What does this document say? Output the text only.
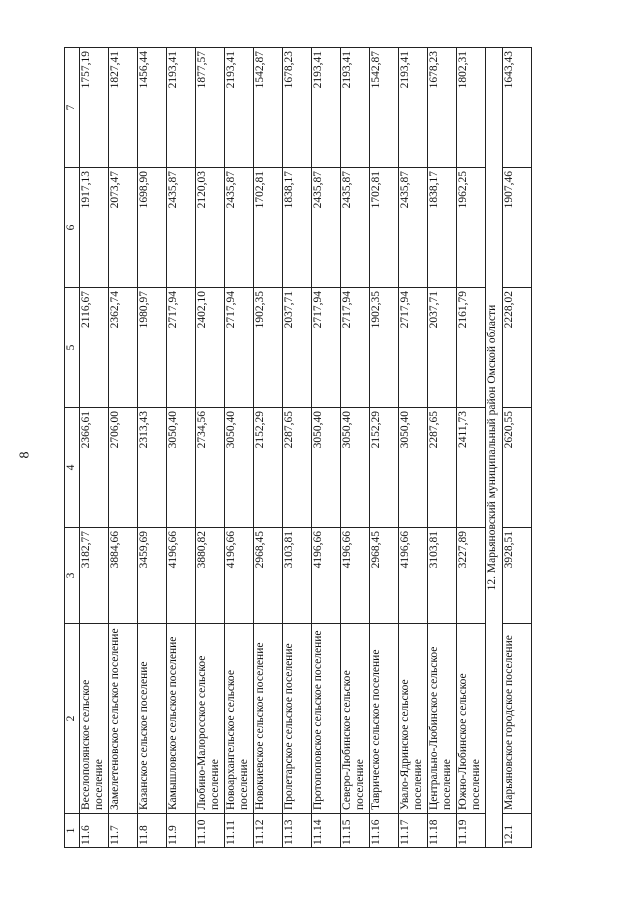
8
1	2	3	4	5	6	7
11.6	Веселополянское сельское поселение	3182,77	2366,61	2116,67	1917,13	1757,19
11.7	Замелетеновское сельское поселение	3884,66	2706,00	2362,74	2073,47	1827,41
11.8	Казанское сельское поселение	3459,69	2313,43	1980,97	1698,90	1456,44
11.9	Камышловское сельское поселение	4196,66	3050,40	2717,94	2435,87	2193,41
11.10	Любино-Малоросское сельское поселение	3880,82	2734,56	2402,10	2120,03	1877,57
11.11	Новоархангельское сельское поселение	4196,66	3050,40	2717,94	2435,87	2193,41
11.12	Новокиевское сельское поселение	2968,45	2152,29	1902,35	1702,81	1542,87
11.13	Пролетарское сельское поселение	3103,81	2287,65	2037,71	1838,17	1678,23
11.14	Протопоповское сельское поселение	4196,66	3050,40	2717,94	2435,87	2193,41
11.15	Северо-Любинское сельское поселение	4196,66	3050,40	2717,94	2435,87	2193,41
11.16	Таврическое сельское поселение	2968,45	2152,29	1902,35	1702,81	1542,87
11.17	Увало-Ядринское сельское поселение	4196,66	3050,40	2717,94	2435,87	2193,41
11.18	Центрально-Любинское сельское поселение	3103,81	2287,65	2037,71	1838,17	1678,23
11.19	Южно-Любинское сельское поселение	3227,89	2411,73	2161,79	1962,25	1802,31
12. Марьяновский муниципальный район Омской области						
12.1	Марьяновское городское поселение	3928,51	2620,55	2228,02	1907,46	1643,43
